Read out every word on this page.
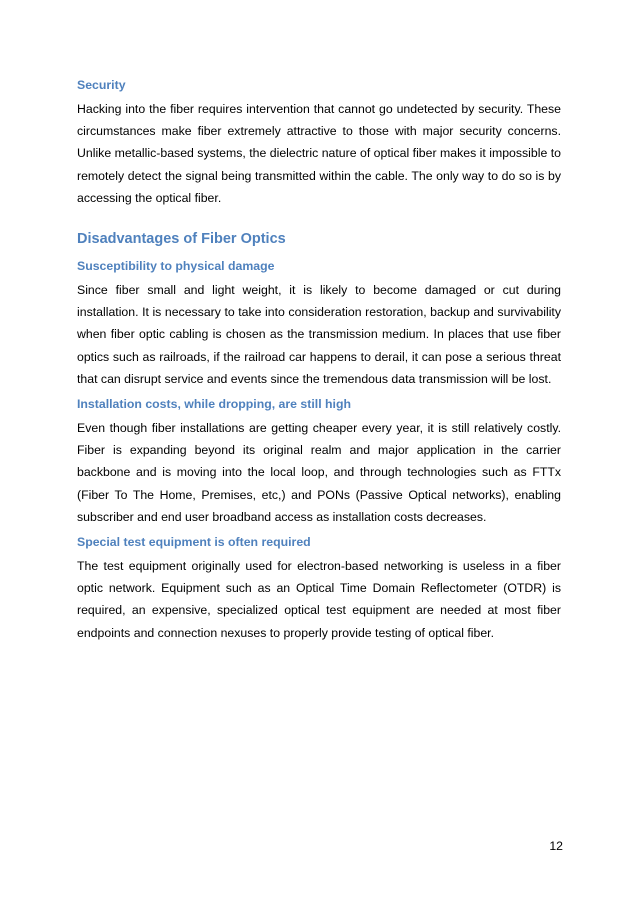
Security

Hacking into the fiber requires intervention that cannot go undetected by security. These circumstances make fiber extremely attractive to those with major security concerns. Unlike metallic-based systems, the dielectric nature of optical fiber makes it impossible to remotely detect the signal being transmitted within the cable. The only way to do so is by accessing the optical fiber.

Disadvantages of Fiber Optics
Susceptibility to physical damage

Since fiber small and light weight, it is likely to become damaged or cut during installation. It is necessary to take into consideration restoration, backup and survivability when fiber optic cabling is chosen as the transmission medium. In places that use fiber optics such as railroads, if the railroad car happens to derail, it can pose a serious threat that can disrupt service and events since the tremendous data transmission will be lost.

Installation costs, while dropping, are still high

Even though fiber installations are getting cheaper every year, it is still relatively costly. Fiber is expanding beyond its original realm and major application in the carrier backbone and is moving into the local loop, and through technologies such as FTTx (Fiber To The Home, Premises, etc,) and PONs (Passive Optical networks), enabling subscriber and end user broadband access as installation costs decreases.

Special test equipment is often required

The test equipment originally used for electron-based networking is useless in a fiber optic network. Equipment such as an Optical Time Domain Reflectometer (OTDR) is required, an expensive, specialized optical test equipment are needed at most fiber endpoints and connection nexuses to properly provide testing of optical fiber.

12
